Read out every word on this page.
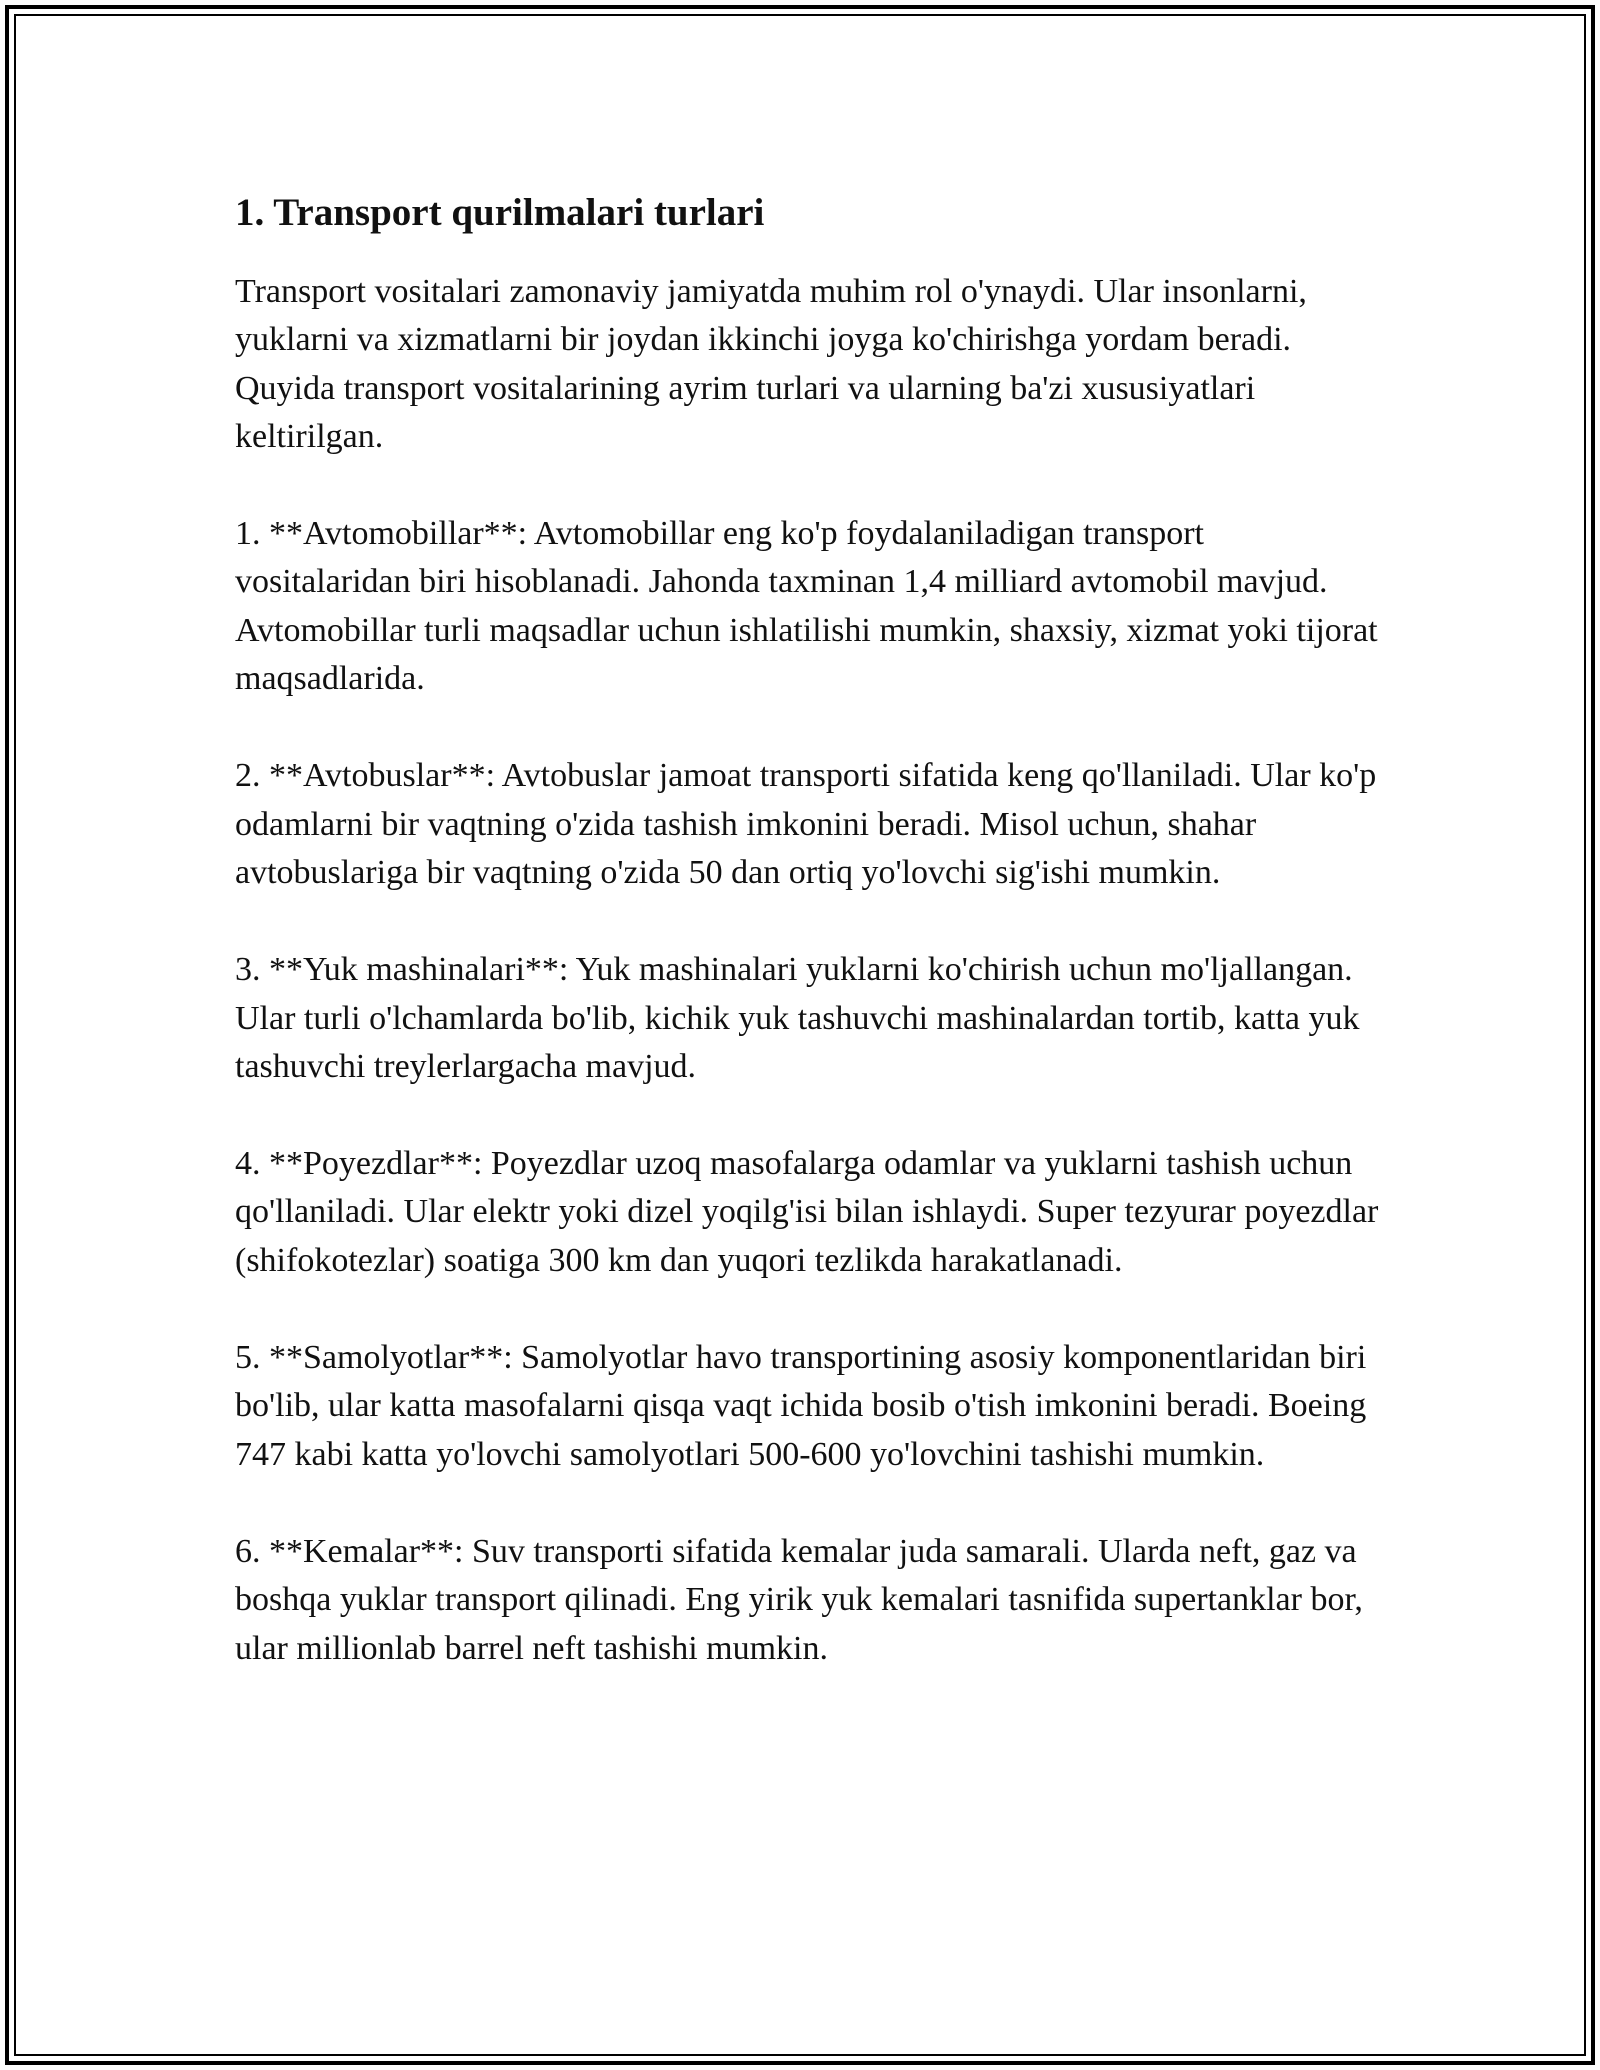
1. Transport qurilmalari turlari

Transport vositalari zamonaviy jamiyatda muhim rol o'ynaydi. Ular insonlarni, yuklarni va xizmatlarni bir joydan ikkinchi joyga ko'chirishga yordam beradi. Quyida transport vositalarining ayrim turlari va ularning ba'zi xususiyatlari keltirilgan.

1. **Avtomobillar**: Avtomobillar eng ko'p foydalaniladigan transport vositalaridan biri hisoblanadi. Jahonda taxminan 1,4 milliard avtomobil mavjud. Avtomobillar turli maqsadlar uchun ishlatilishi mumkin, shaxsiy, xizmat yoki tijorat maqsadlarida.

2. **Avtobuslar**: Avtobuslar jamoat transporti sifatida keng qo'llaniladi. Ular ko'p odamlarni bir vaqtning o'zida tashish imkonini beradi. Misol uchun, shahar avtobuslariga bir vaqtning o'zida 50 dan ortiq yo'lovchi sig'ishi mumkin.

3. **Yuk mashinalari**: Yuk mashinalari yuklarni ko'chirish uchun mo'ljallangan. Ular turli o'lchamlarda bo'lib, kichik yuk tashuvchi mashinalardan tortib, katta yuk tashuvchi treylerlargacha mavjud.

4. **Poyezdlar**: Poyezdlar uzoq masofalarga odamlar va yuklarni tashish uchun qo'llaniladi. Ular elektr yoki dizel yoqilg'isi bilan ishlaydi. Super tezyurar poyezdlar (shifokotezlar) soatiga 300 km dan yuqori tezlikda harakatlanadi.

5. **Samolyotlar**: Samolyotlar havo transportining asosiy komponentlaridan biri bo'lib, ular katta masofalarni qisqa vaqt ichida bosib o'tish imkonini beradi. Boeing 747 kabi katta yo'lovchi samolyotlari 500-600 yo'lovchini tashishi mumkin.

6. **Kemalar**: Suv transporti sifatida kemalar juda samarali. Ularda neft, gaz va boshqa yuklar transport qilinadi. Eng yirik yuk kemalari tasnifida supertanklar bor, ular millionlab barrel neft tashishi mumkin.
